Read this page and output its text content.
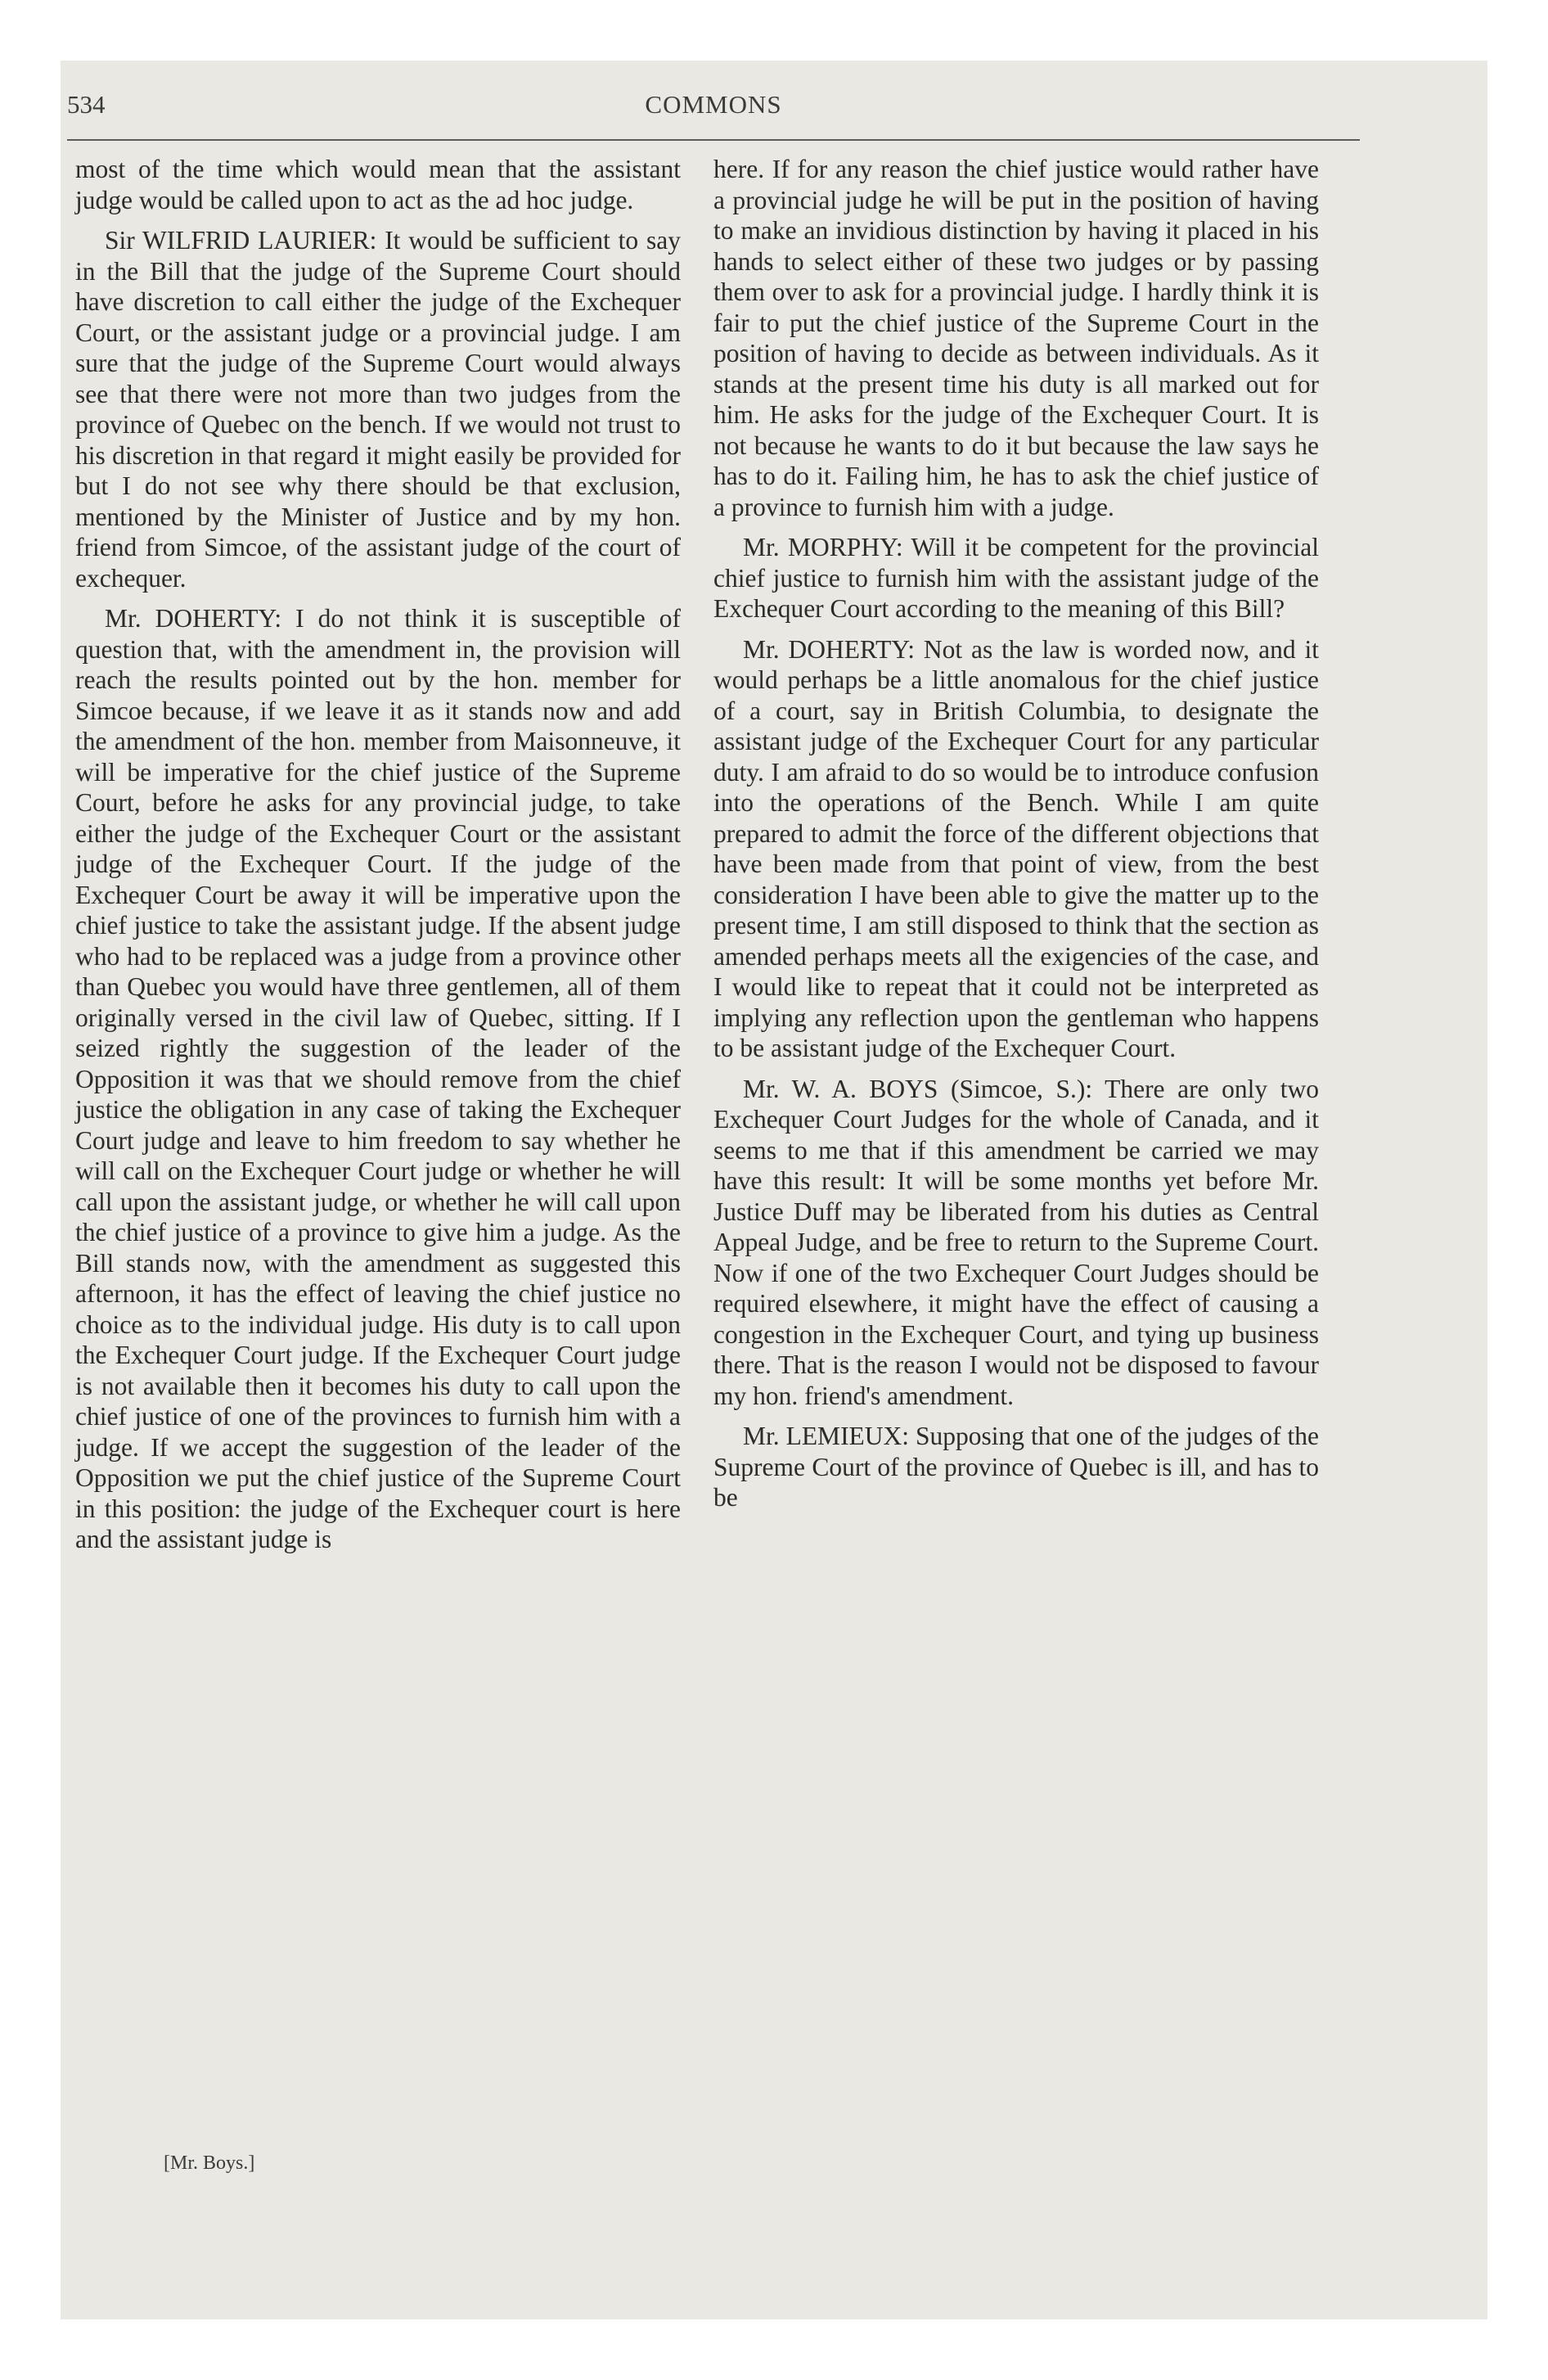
534	COMMONS

most of the time which would mean that the assistant judge would be called upon to act as the ad hoc judge.

Sir WILFRID LAURIER: It would be sufficient to say in the Bill that the judge of the Supreme Court should have discretion to call either the judge of the Exchequer Court, or the assistant judge or a provincial judge. I am sure that the judge of the Supreme Court would always see that there were not more than two judges from the province of Quebec on the bench. If we would not trust to his discretion in that regard it might easily be provided for but I do not see why there should be that exclusion, mentioned by the Minister of Justice and by my hon. friend from Simcoe, of the assistant judge of the court of exchequer.

Mr. DOHERTY: I do not think it is susceptible of question that, with the amendment in, the provision will reach the results pointed out by the hon. member for Simcoe because, if we leave it as it stands now and add the amendment of the hon. member from Maisonneuve, it will be imperative for the chief justice of the Supreme Court, before he asks for any provincial judge, to take either the judge of the Exchequer Court or the assistant judge of the Exchequer Court. If the judge of the Exchequer Court be away it will be imperative upon the chief justice to take the assistant judge. If the absent judge who had to be replaced was a judge from a province other than Quebec you would have three gentlemen, all of them originally versed in the civil law of Quebec, sitting. If I seized rightly the suggestion of the leader of the Opposition it was that we should remove from the chief justice the obligation in any case of taking the Exchequer Court judge and leave to him freedom to say whether he will call on the Exchequer Court judge or whether he will call upon the assistant judge, or whether he will call upon the chief justice of a province to give him a judge. As the Bill stands now, with the amendment as suggested this afternoon, it has the effect of leaving the chief justice no choice as to the individual judge. His duty is to call upon the Exchequer Court judge. If the Exchequer Court judge is not available then it becomes his duty to call upon the chief justice of one of the provinces to furnish him with a judge. If we accept the suggestion of the leader of the Opposition we put the chief justice of the Supreme Court in this position: the judge of the Exchequer court is here and the assistant judge is

here. If for any reason the chief justice would rather have a provincial judge he will be put in the position of having to make an invidious distinction by having it placed in his hands to select either of these two judges or by passing them over to ask for a provincial judge. I hardly think it is fair to put the chief justice of the Supreme Court in the position of having to decide as between individuals. As it stands at the present time his duty is all marked out for him. He asks for the judge of the Exchequer Court. It is not because he wants to do it but because the law says he has to do it. Failing him, he has to ask the chief justice of a province to furnish him with a judge.

Mr. MORPHY: Will it be competent for the provincial chief justice to furnish him with the assistant judge of the Exchequer Court according to the meaning of this Bill?

Mr. DOHERTY: Not as the law is worded now, and it would perhaps be a little anomalous for the chief justice of a court, say in British Columbia, to designate the assistant judge of the Exchequer Court for any particular duty. I am afraid to do so would be to introduce confusion into the operations of the Bench. While I am quite prepared to admit the force of the different objections that have been made from that point of view, from the best consideration I have been able to give the matter up to the present time, I am still disposed to think that the section as amended perhaps meets all the exigencies of the case, and I would like to repeat that it could not be interpreted as implying any reflection upon the gentleman who happens to be assistant judge of the Exchequer Court.

Mr. W. A. BOYS (Simcoe, S.): There are only two Exchequer Court Judges for the whole of Canada, and it seems to me that if this amendment be carried we may have this result: It will be some months yet before Mr. Justice Duff may be liberated from his duties as Central Appeal Judge, and be free to return to the Supreme Court. Now if one of the two Exchequer Court Judges should be required elsewhere, it might have the effect of causing a congestion in the Exchequer Court, and tying up business there. That is the reason I would not be disposed to favour my hon. friend's amendment.

Mr. LEMIEUX: Supposing that one of the judges of the Supreme Court of the province of Quebec is ill, and has to be

[Mr. Boys.]
